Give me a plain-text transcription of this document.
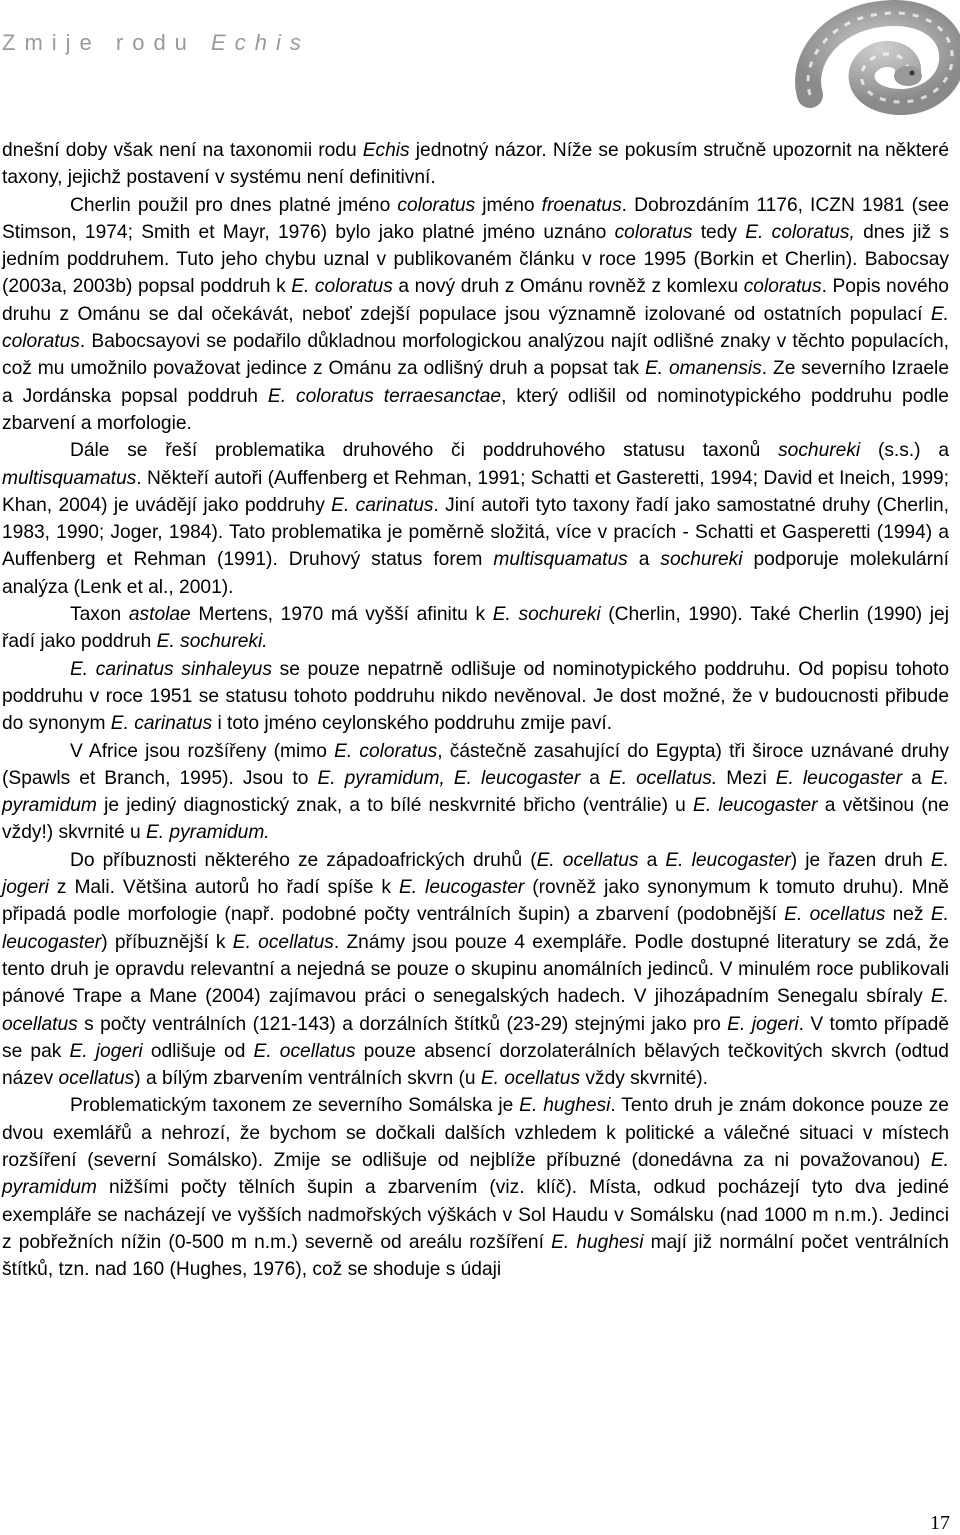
Zmije rodu Echis

dnešní doby však není na taxonomii rodu Echis jednotný názor. Níže se pokusím stručně upozornit na některé taxony, jejichž postavení v systému není definitivní.

Cherlin použil pro dnes platné jméno coloratus jméno froenatus. Dobrozdáním 1176, ICZN 1981 (see Stimson, 1974; Smith et Mayr, 1976) bylo jako platné jméno uznáno coloratus tedy E. coloratus, dnes již s jedním poddruhem. Tuto jeho chybu uznal v publikovaném článku v roce 1995 (Borkin et Cherlin). Babocsay (2003a, 2003b) popsal poddruh k E. coloratus a nový druh z Ománu rovněž z komlexu coloratus. Popis nového druhu z Ománu se dal očekávát, neboť zdejší populace jsou významně izolované od ostatních populací E. coloratus. Babocsayovi se podařilo důkladnou morfologickou analýzou najít odlišné znaky v těchto populacích, což mu umožnilo považovat jedince z Ománu za odlišný druh a popsat tak E. omanensis. Ze severního Izraele a Jordánska popsal poddruh E. coloratus terraesanctae, který odlišil od nominotypického poddruhu podle zbarvení a morfologie.

Dále se řeší problematika druhového či poddruhového statusu taxonů sochureki (s.s.) a multisquamatus. Někteří autoři (Auffenberg et Rehman, 1991; Schatti et Gasteretti, 1994; David et Ineich, 1999; Khan, 2004) je uvádějí jako poddruhy E. carinatus. Jiní autoři tyto taxony řadí jako samostatné druhy (Cherlin, 1983, 1990; Joger, 1984). Tato problematika je poměrně složitá, více v pracích - Schatti et Gasperetti (1994) a Auffenberg et Rehman (1991). Druhový status forem multisquamatus a sochureki podporuje molekulární analýza (Lenk et al., 2001).

Taxon astolae Mertens, 1970 má vyšší afinitu k E. sochureki (Cherlin, 1990). Také Cherlin (1990) jej řadí jako poddruh E. sochureki.

E. carinatus sinhaleyus se pouze nepatrně odlišuje od nominotypického poddruhu. Od popisu tohoto poddruhu v roce 1951 se statusu tohoto poddruhu nikdo nevěnoval. Je dost možné, že v budoucnosti přibude do synonym E. carinatus i toto jméno ceylonského poddruhu zmije paví.

V Africe jsou rozšířeny (mimo E. coloratus, částečně zasahující do Egypta) tři široce uznávané druhy (Spawls et Branch, 1995). Jsou to E. pyramidum, E. leucogaster a E. ocellatus. Mezi E. leucogaster a E. pyramidum je jediný diagnostický znak, a to bílé neskvrnité břicho (ventrálie) u E. leucogaster a většinou (ne vždy!) skvrnité u E. pyramidum.

Do příbuznosti některého ze západoafrických druhů (E. ocellatus a E. leucogaster) je řazen druh E. jogeri z Mali. Většina autorů ho řadí spíše k E. leucogaster (rovněž jako synonymum k tomuto druhu). Mně připadá podle morfologie (např. podobné počty ventrálních šupin) a zbarvení (podobnější E. ocellatus než E. leucogaster) příbuznější k E. ocellatus. Známy jsou pouze 4 exempláře. Podle dostupné literatury se zdá, že tento druh je opravdu relevantní a nejedná se pouze o skupinu anomálních jedinců. V minulém roce publikovali pánové Trape a Mane (2004) zajímavou práci o senegalských hadech. V jihozápadním Senegalu sbíraly E. ocellatus s počty ventrálních (121-143) a dorzálních štítků (23-29) stejnými jako pro E. jogeri. V tomto případě se pak E. jogeri odlišuje od E. ocellatus pouze absencí dorzolaterálních bělavých tečkovitých skvrch (odtud název ocellatus) a bílým zbarvením ventrálních skvrn (u E. ocellatus vždy skvrnité).

Problematickým taxonem ze severního Somálska je E. hughesi. Tento druh je znám dokonce pouze ze dvou exemlářů a nehrozí, že bychom se dočkali dalších vzhledem k politické a válečné situaci v místech rozšíření (severní Somálsko). Zmije se odlišuje od nejblíže příbuzné (donedávna za ni považovanou) E. pyramidum nižšími počty tělních šupin a zbarvením (viz. klíč). Místa, odkud pocházejí tyto dva jediné exempláře se nacházejí ve vyšších nadmořských výškách v Sol Haudu v Somálsku (nad 1000 m n.m.). Jedinci z pobřežních nížin (0-500 m n.m.) severně od areálu rozšíření E. hughesi mají již normální počet ventrálních štítků, tzn. nad 160 (Hughes, 1976), což se shoduje s údaji

17
